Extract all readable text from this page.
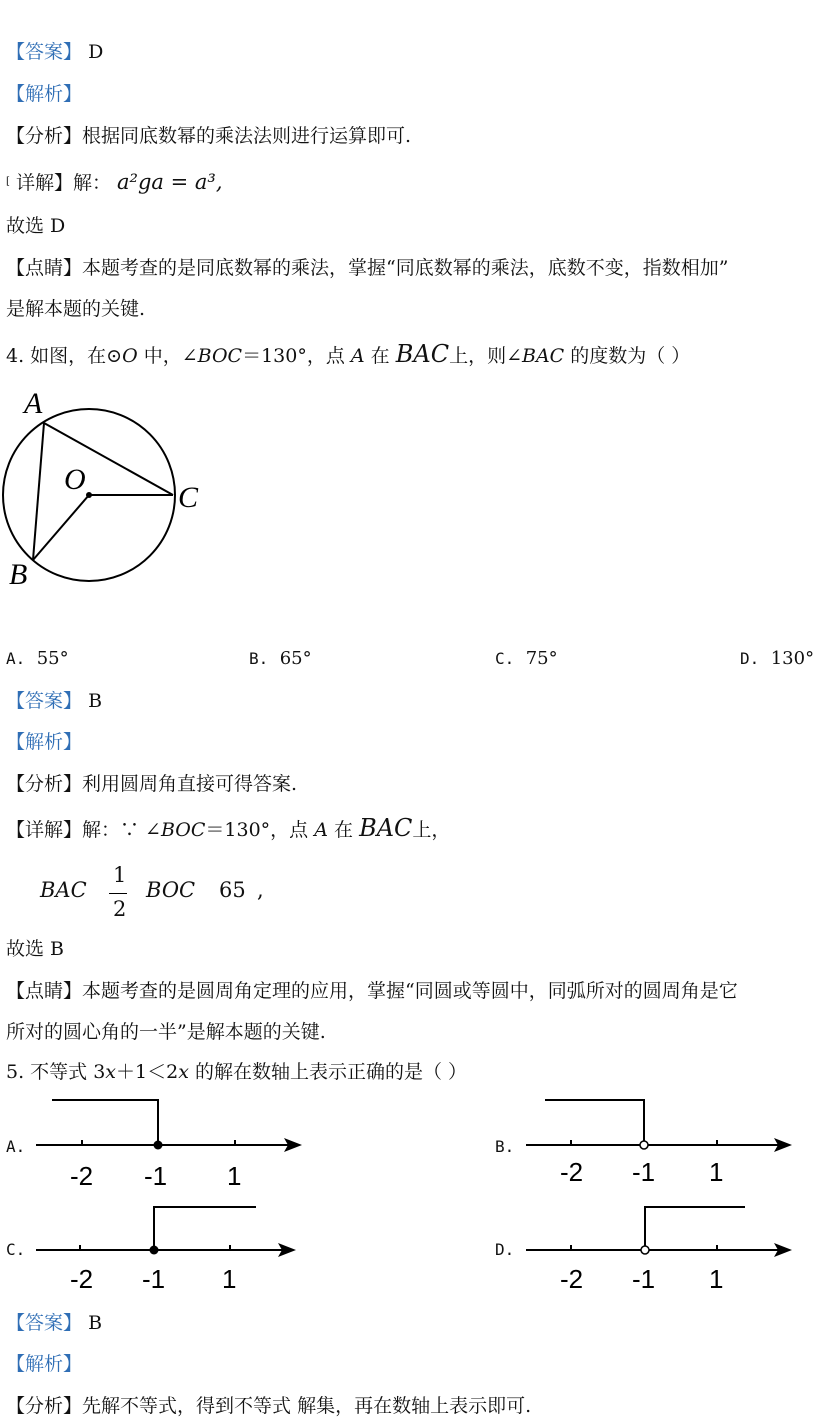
【答案】 D
【解析】
【分析】根据同底数幂的乘法法则进行运算即可.
[ 详解】解： a²ga = a³,
故选 D
【点睛】本题考查的是同底数幂的乘法，掌握“同底数幂的乘法，底数不变，指数相加”
是解本题的关键.
4. 如图，在⊙O 中，∠BOC＝130°，点 A 在 BAC上，则∠BAC 的度数为（ ）
A
O
C
B
A. 55°	B. 65°	C. 75°	D. 130°
【答案】 B
【解析】
【分析】利用圆周角直接可得答案.
【详解】解：∵ ∠BOC＝130°，点 A 在 BAC上，
BAC
1
2
BOC 65 ,
故选 B
【点睛】本题考查的是圆周角定理的应用，掌握“同圆或等圆中，同弧所对的圆周角是它
所对的圆心角的一半”是解本题的关键.
5. 不等式 3x＋1＜2x 的解在数轴上表示正确的是（ ）
A.
-2 -1 1
B.
-2 -1 1
C.
-2 -1 1
D.
-2 -1 1
【答案】 B
【解析】
【分析】先解不等式，得到不等式 解集，再在数轴上表示即可.
